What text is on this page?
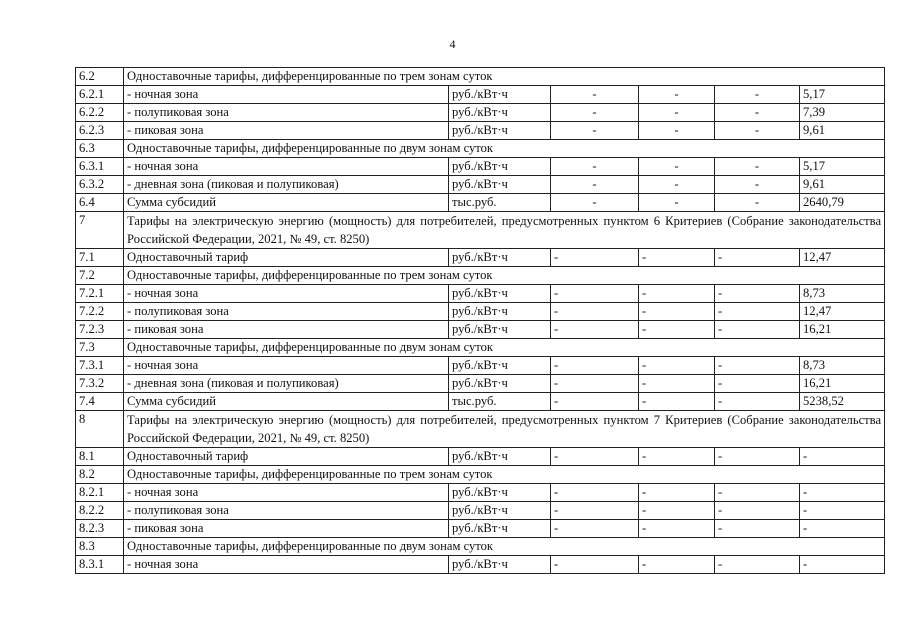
4
6.2	Одноставочные тарифы, дифференцированные по трем зонам суток					
6.2.1	- ночная зона	руб./кВт·ч	-	-	-	5,17
6.2.2	- полупиковая зона	руб./кВт·ч	-	-	-	7,39
6.2.3	- пиковая зона	руб./кВт·ч	-	-	-	9,61
6.3	Одноставочные тарифы, дифференцированные по двум зонам суток					
6.3.1	- ночная зона	руб./кВт·ч	-	-	-	5,17
6.3.2	- дневная зона (пиковая и полупиковая)	руб./кВт·ч	-	-	-	9,61
6.4	Сумма субсидий	тыс.руб.	-	-	-	2640,79
7	Тарифы на электрическую энергию (мощность) для потребителей, предусмотренных пунктом 6 Критериев (Собрание законодательства Российской Федерации, 2021, № 49, ст. 8250)					
7.1	Одноставочный тариф	руб./кВт·ч	-	-	-	12,47
7.2	Одноставочные тарифы, дифференцированные по трем зонам суток					
7.2.1	- ночная зона	руб./кВт·ч	-	-	-	8,73
7.2.2	- полупиковая зона	руб./кВт·ч	-	-	-	12,47
7.2.3	- пиковая зона	руб./кВт·ч	-	-	-	16,21
7.3	Одноставочные тарифы, дифференцированные по двум зонам суток					
7.3.1	- ночная зона	руб./кВт·ч	-	-	-	8,73
7.3.2	- дневная зона (пиковая и полупиковая)	руб./кВт·ч	-	-	-	16,21
7.4	Сумма субсидий	тыс.руб.	-	-	-	5238,52
8	Тарифы на электрическую энергию (мощность) для потребителей, предусмотренных пунктом 7 Критериев (Собрание законодательства Российской Федерации, 2021, № 49, ст. 8250)					
8.1	Одноставочный тариф	руб./кВт·ч	-	-	-	-
8.2	Одноставочные тарифы, дифференцированные по трем зонам суток					
8.2.1	- ночная зона	руб./кВт·ч	-	-	-	-
8.2.2	- полупиковая зона	руб./кВт·ч	-	-	-	-
8.2.3	- пиковая зона	руб./кВт·ч	-	-	-	-
8.3	Одноставочные тарифы, дифференцированные по двум зонам суток					
8.3.1	- ночная зона	руб./кВт·ч	-	-	-	-
